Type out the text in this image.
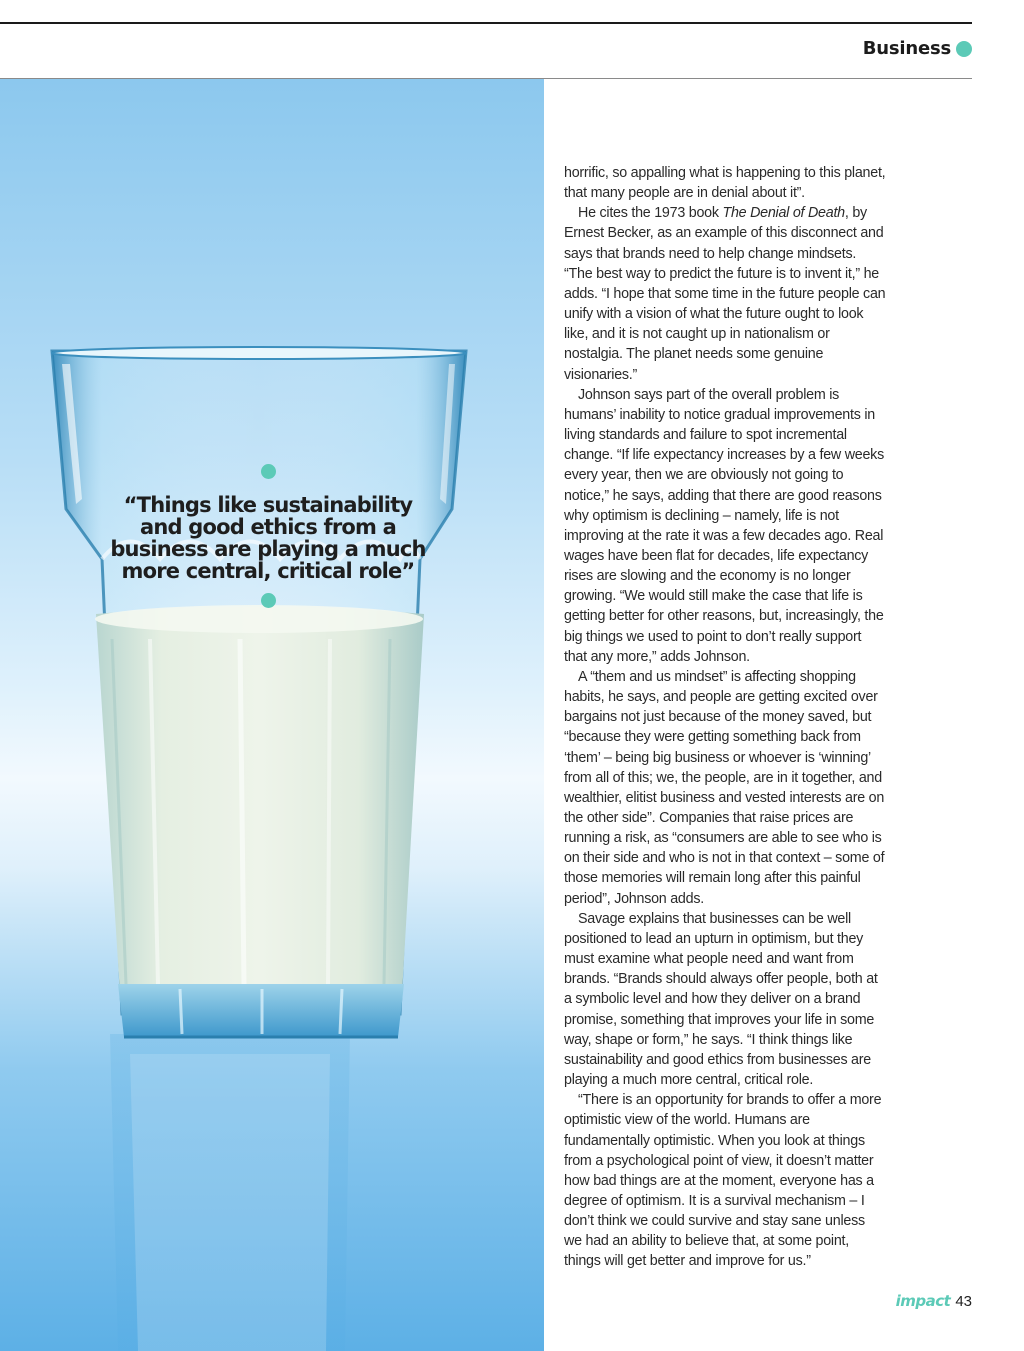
Business
“Things like sustainability and good ethics from a business are playing a much more central, critical role”

horrific, so appalling what is happening to this planet, that many people are in denial about it”.

He cites the 1973 book The Denial of Death, by Ernest Becker, as an example of this disconnect and says that brands need to help change mindsets. “The best way to predict the future is to invent it,” he adds. “I hope that some time in the future people can unify with a vision of what the future ought to look like, and it is not caught up in nationalism or nostalgia. The planet needs some genuine visionaries.”

Johnson says part of the overall problem is humans’ inability to notice gradual improvements in living standards and failure to spot incremental change. “If life expectancy increases by a few weeks every year, then we are obviously not going to notice,” he says, adding that there are good reasons why optimism is declining – namely, life is not improving at the rate it was a few decades ago. Real wages have been flat for decades, life expectancy rises are slowing and the economy is no longer growing. “We would still make the case that life is getting better for other reasons, but, increasingly, the big things we used to point to don’t really support that any more,” adds Johnson.

A “them and us mindset” is affecting shopping habits, he says, and people are getting excited over bargains not just because of the money saved, but “because they were getting something back from ‘them’ – being big business or whoever is ‘winning’ from all of this; we, the people, are in it together, and wealthier, elitist business and vested interests are on the other side”. Companies that raise prices are running a risk, as “consumers are able to see who is on their side and who is not in that context – some of those memories will remain long after this painful period”, Johnson adds.

Savage explains that businesses can be well positioned to lead an upturn in optimism, but they must examine what people need and want from brands. “Brands should always offer people, both at a symbolic level and how they deliver on a brand promise, something that improves your life in some way, shape or form,” he says. “I think things like sustainability and good ethics from businesses are playing a much more central, critical role.

“There is an opportunity for brands to offer a more optimistic view of the world. Humans are fundamentally optimistic. When you look at things from a psychological point of view, it doesn’t matter how bad things are at the moment, everyone has a degree of optimism. It is a survival mechanism – I don’t think we could survive and stay sane unless we had an ability to believe that, at some point, things will get better and improve for us.”

impact 43
